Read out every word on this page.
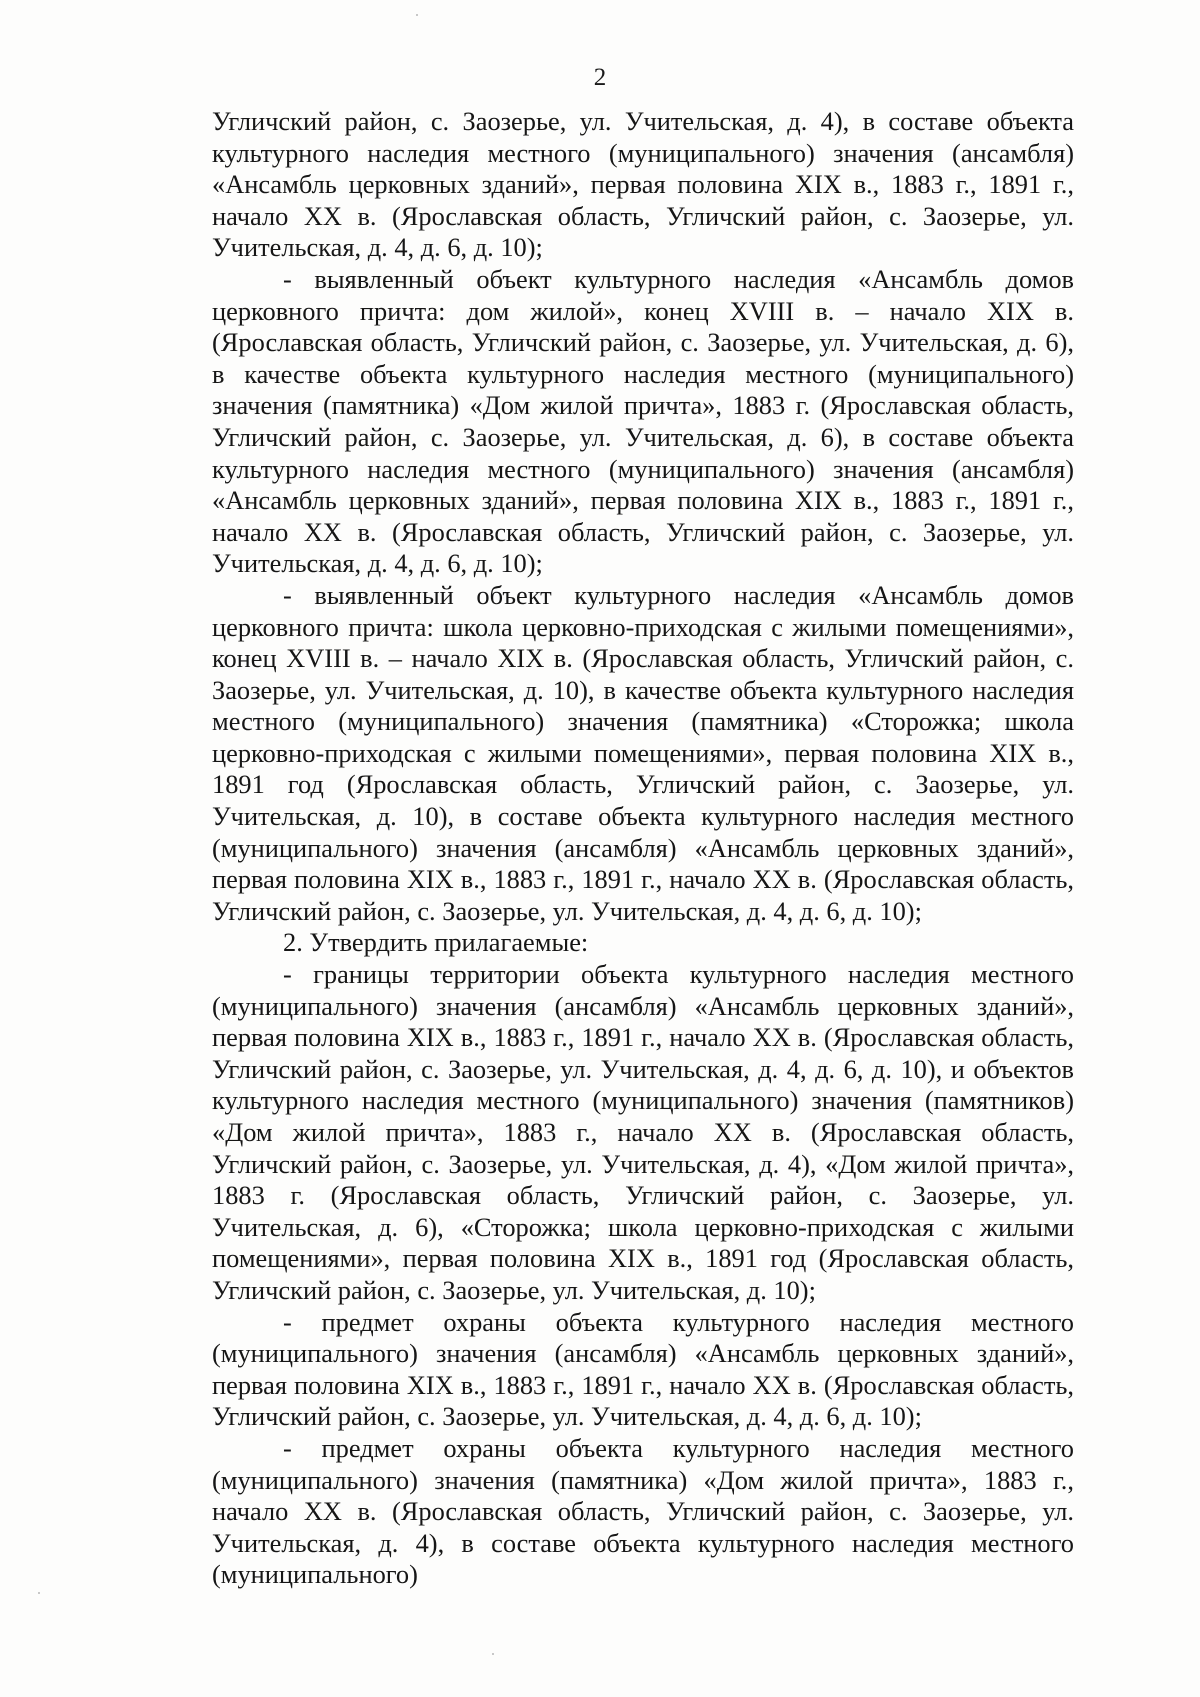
2

Угличский район, с. Заозерье, ул. Учительская, д. 4), в составе объекта культурного наследия местного (муниципального) значения (ансамбля) «Ансамбль церковных зданий», первая половина XIX в., 1883 г., 1891 г., начало XX в. (Ярославская область, Угличский район, с. Заозерье, ул. Учительская, д. 4, д. 6, д. 10);

- выявленный объект культурного наследия «Ансамбль домов церковного причта: дом жилой», конец XVIII в. – начало XIX в. (Ярославская область, Угличский район, с. Заозерье, ул. Учительская, д. 6), в качестве объекта культурного наследия местного (муниципального) значения (памятника) «Дом жилой причта», 1883 г. (Ярославская область, Угличский район, с. Заозерье, ул. Учительская, д. 6), в составе объекта культурного наследия местного (муниципального) значения (ансамбля) «Ансамбль церковных зданий», первая половина XIX в., 1883 г., 1891 г., начало XX в. (Ярославская область, Угличский район, с. Заозерье, ул. Учительская, д. 4, д. 6, д. 10);

- выявленный объект культурного наследия «Ансамбль домов церковного причта: школа церковно-приходская с жилыми помещениями», конец XVIII в. – начало XIX в. (Ярославская область, Угличский район, с. Заозерье, ул. Учительская, д. 10), в качестве объекта культурного наследия местного (муниципального) значения (памятника) «Сторожка; школа церковно-приходская с жилыми помещениями», первая половина XIX в., 1891 год (Ярославская область, Угличский район, с. Заозерье, ул. Учительская, д. 10), в составе объекта культурного наследия местного (муниципального) значения (ансамбля) «Ансамбль церковных зданий», первая половина XIX в., 1883 г., 1891 г., начало XX в. (Ярославская область, Угличский район, с. Заозерье, ул. Учительская, д. 4, д. 6, д. 10);

2. Утвердить прилагаемые:

- границы территории объекта культурного наследия местного (муниципального) значения (ансамбля) «Ансамбль церковных зданий», первая половина XIX в., 1883 г., 1891 г., начало XX в. (Ярославская область, Угличский район, с. Заозерье, ул. Учительская, д. 4, д. 6, д. 10), и объектов культурного наследия местного (муниципального) значения (памятников) «Дом жилой причта», 1883 г., начало XX в. (Ярославская область, Угличский район, с. Заозерье, ул. Учительская, д. 4), «Дом жилой причта», 1883 г. (Ярославская область, Угличский район, с. Заозерье, ул. Учительская, д. 6), «Сторожка; школа церковно-приходская с жилыми помещениями», первая половина XIX в., 1891 год (Ярославская область, Угличский район, с. Заозерье, ул. Учительская, д. 10);

- предмет охраны объекта культурного наследия местного (муниципального) значения (ансамбля) «Ансамбль церковных зданий», первая половина XIX в., 1883 г., 1891 г., начало XX в. (Ярославская область, Угличский район, с. Заозерье, ул. Учительская, д. 4, д. 6, д. 10);

- предмет охраны объекта культурного наследия местного (муниципального) значения (памятника) «Дом жилой причта», 1883 г., начало XX в. (Ярославская область, Угличский район, с. Заозерье, ул. Учительская, д. 4), в составе объекта культурного наследия местного (муниципального)
